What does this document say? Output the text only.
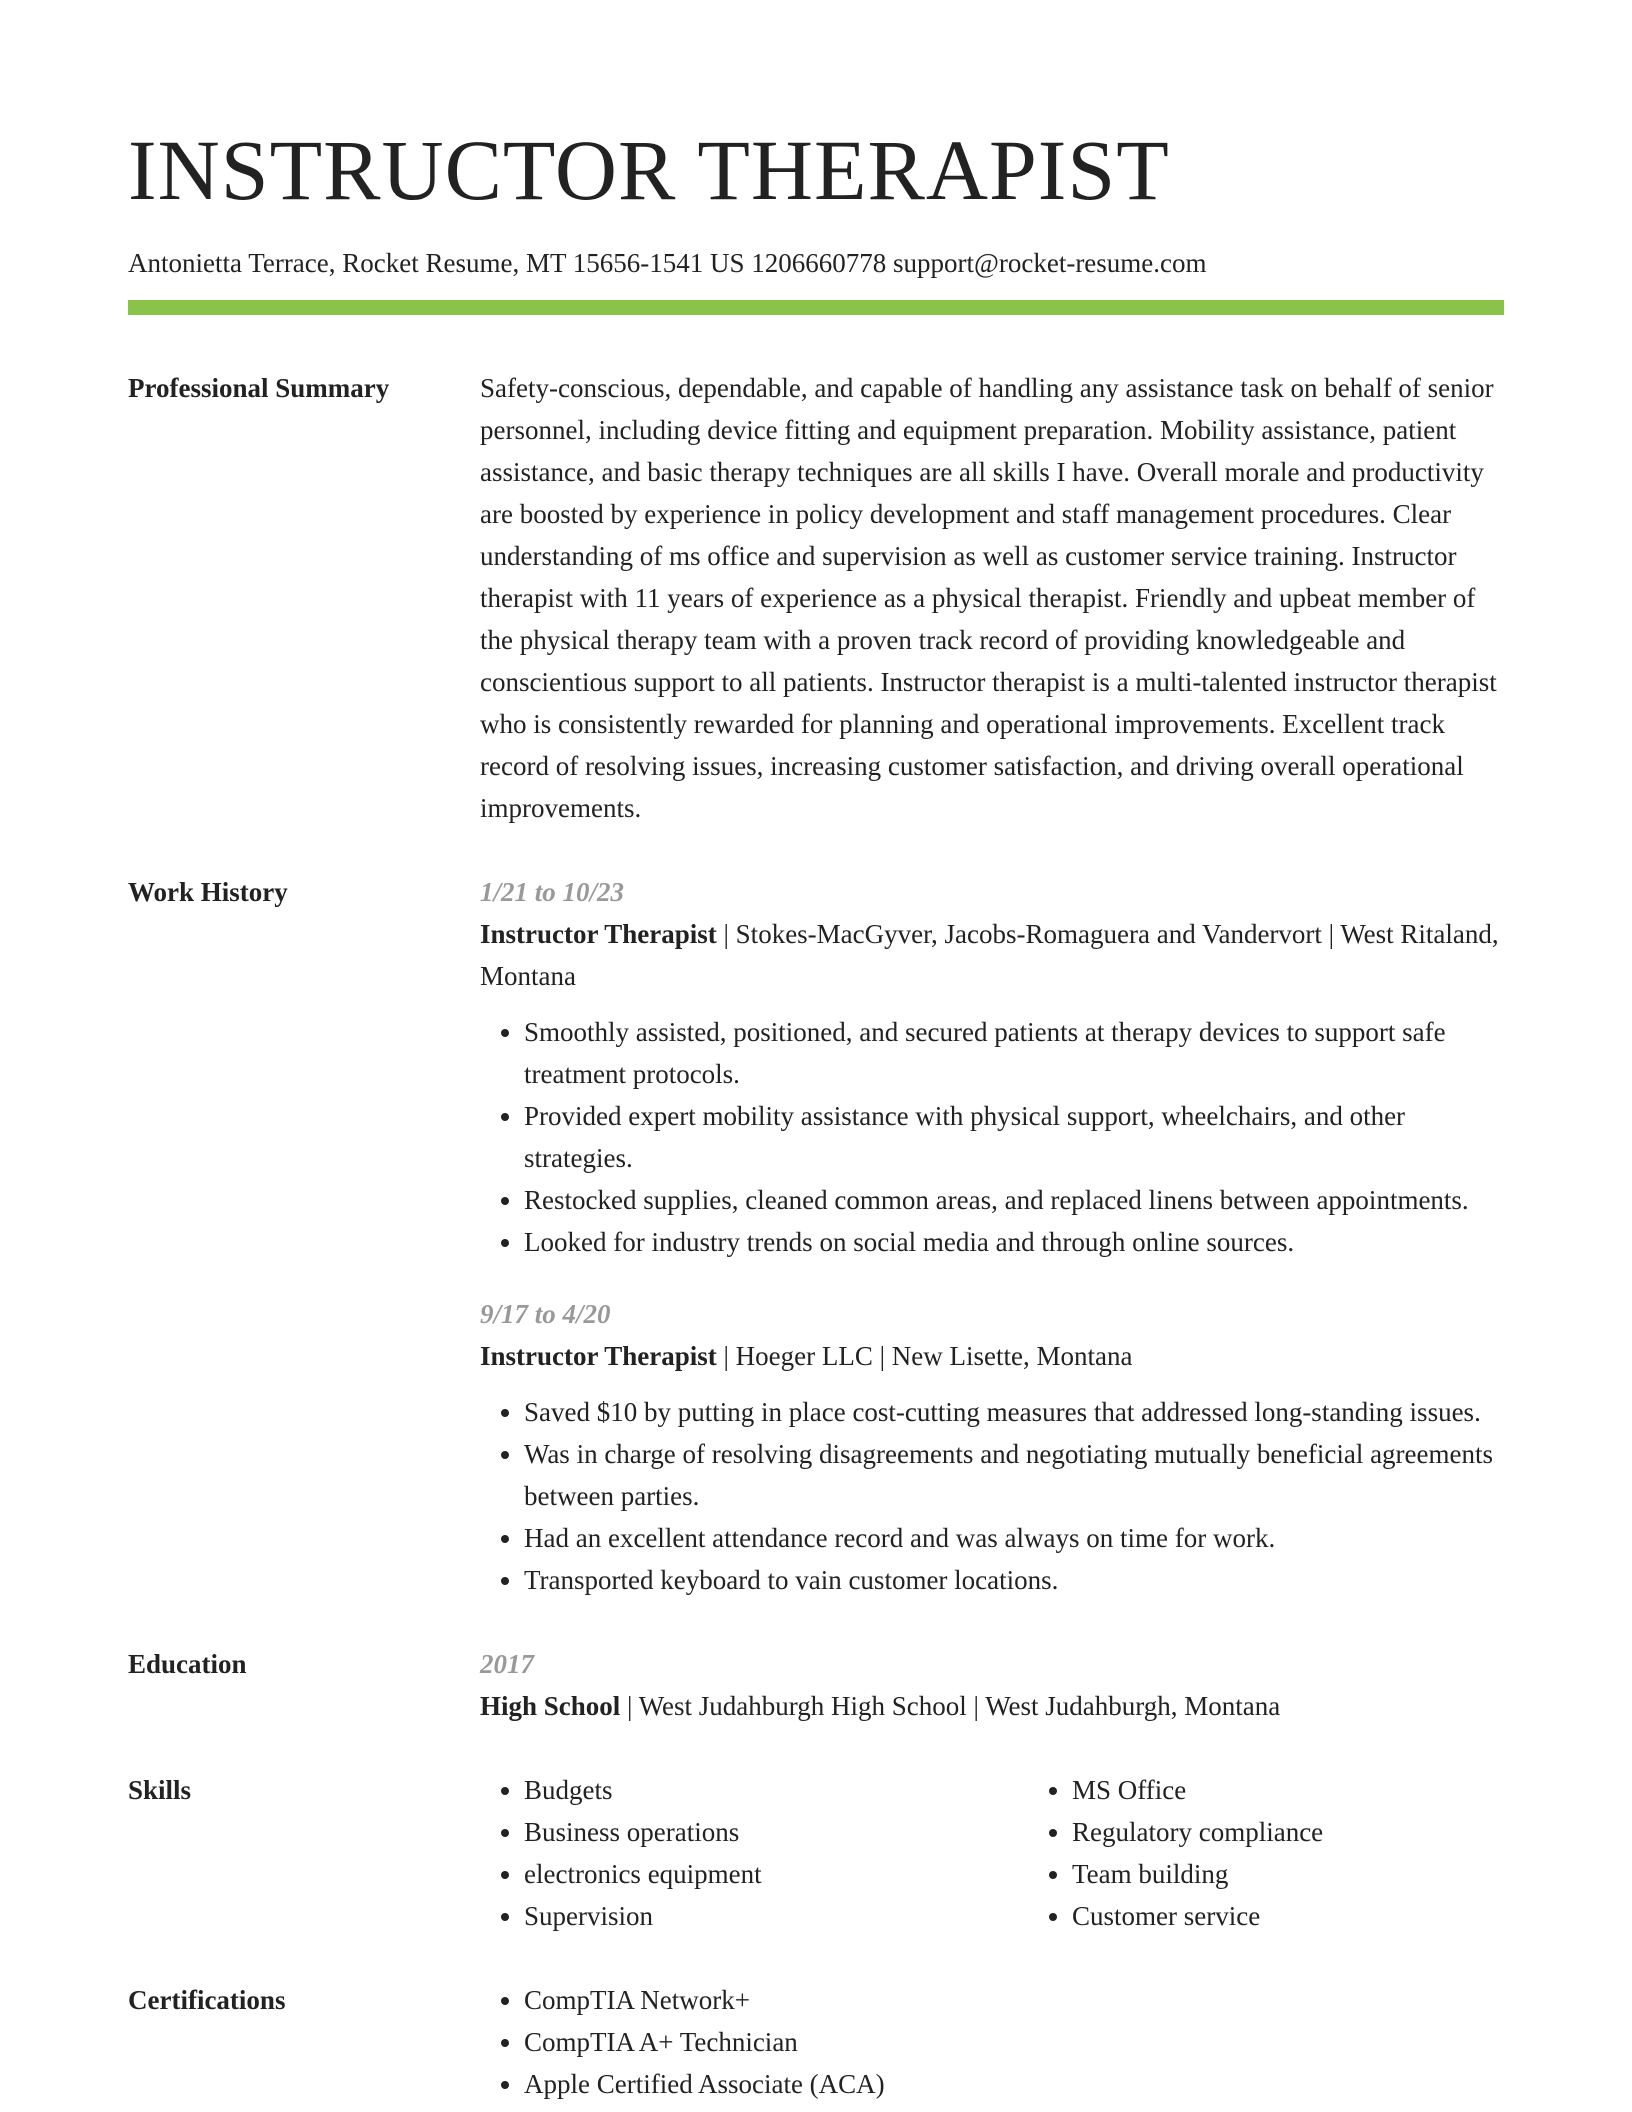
INSTRUCTOR THERAPIST
Antonietta Terrace, Rocket Resume, MT 15656-1541 US 1206660778 support@rocket-resume.com
Professional Summary	Safety-conscious, dependable, and capable of handling any assistance task on behalf of senior personnel, including device fitting and equipment preparation. Mobility assistance, patient assistance, and basic therapy techniques are all skills I have. Overall morale and productivity are boosted by experience in policy development and staff management procedures. Clear understanding of ms office and supervision as well as customer service training. Instructor therapist with 11 years of experience as a physical therapist. Friendly and upbeat member of the physical therapy team with a proven track record of providing knowledgeable and conscientious support to all patients. Instructor therapist is a multi-talented instructor therapist who is consistently rewarded for planning and operational improvements. Excellent track record of resolving issues, increasing customer satisfaction, and driving overall operational improvements.

Work History	1/21 to 10/23
Instructor Therapist | Stokes-MacGyver, Jacobs-Romaguera and Vandervort | West Ritaland, Montana
• Smoothly assisted, positioned, and secured patients at therapy devices to support safe treatment protocols.
• Provided expert mobility assistance with physical support, wheelchairs, and other strategies.
• Restocked supplies, cleaned common areas, and replaced linens between appointments.
• Looked for industry trends on social media and through online sources.
9/17 to 4/20
Instructor Therapist | Hoeger LLC | New Lisette, Montana
• Saved $10 by putting in place cost-cutting measures that addressed long-standing issues.
• Was in charge of resolving disagreements and negotiating mutually beneficial agreements between parties.
• Had an excellent attendance record and was always on time for work.
• Transported keyboard to vain customer locations.
Education	2017
High School | West Judahburgh High School | West Judahburgh, Montana
Skills	• Budgets
• Business operations
• electronics equipment
• Supervision
• MS Office
• Regulatory compliance
• Team building
• Customer service
Certifications	• CompTIA Network+
• CompTIA A+ Technician
• Apple Certified Associate (ACA)
